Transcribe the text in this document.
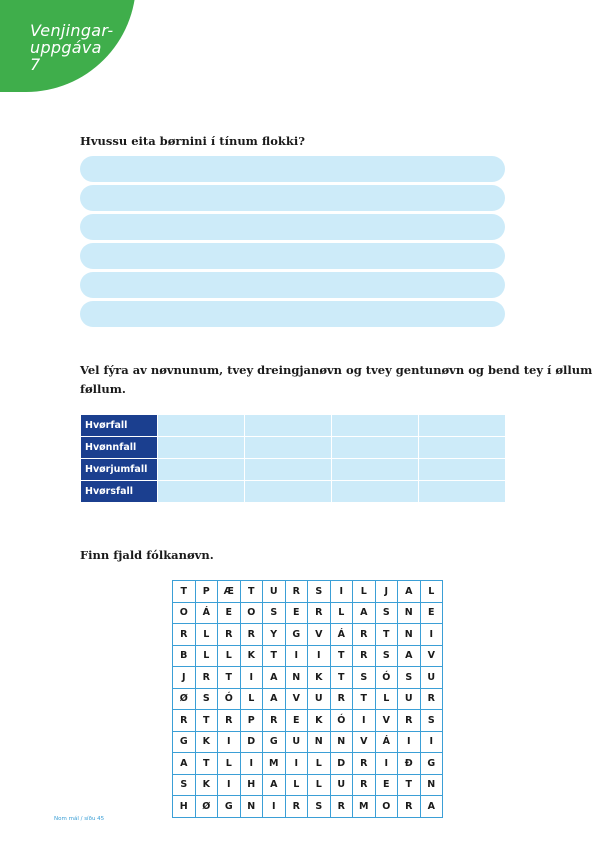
Venjingar-
uppgáva
7

Hvussu eita børnini í tínum flokki?

Vel fýra av nøvnunum, tvey dreingjanøvn og tvey gentunøvn og bend tey í øllum
føllum.

Hvørfall				
Hvønnfall				
Hvørjumfall				
Hvørsfall				

Finn fjald fólkanøvn.

T	P	Æ	T	U	R	S	I	L	J	A	L
O	Á	E	O	S	E	R	L	A	S	N	E
R	L	R	R	Y	G	V	Á	R	T	N	I
B	L	L	K	T	I	I	T	R	S	A	V
J	R	T	I	A	N	K	T	S	Ó	S	U
Ø	S	Ó	L	A	V	U	R	T	L	U	R
R	T	R	P	R	E	K	Ó	I	V	R	S
G	K	I	D	G	U	N	N	V	Á	I	I
A	T	L	I	M	I	L	D	R	I	Ð	G
S	K	I	H	A	L	L	U	R	E	T	N
H	Ø	G	N	I	R	S	R	M	O	R	A
Nom mál / síðu 45
